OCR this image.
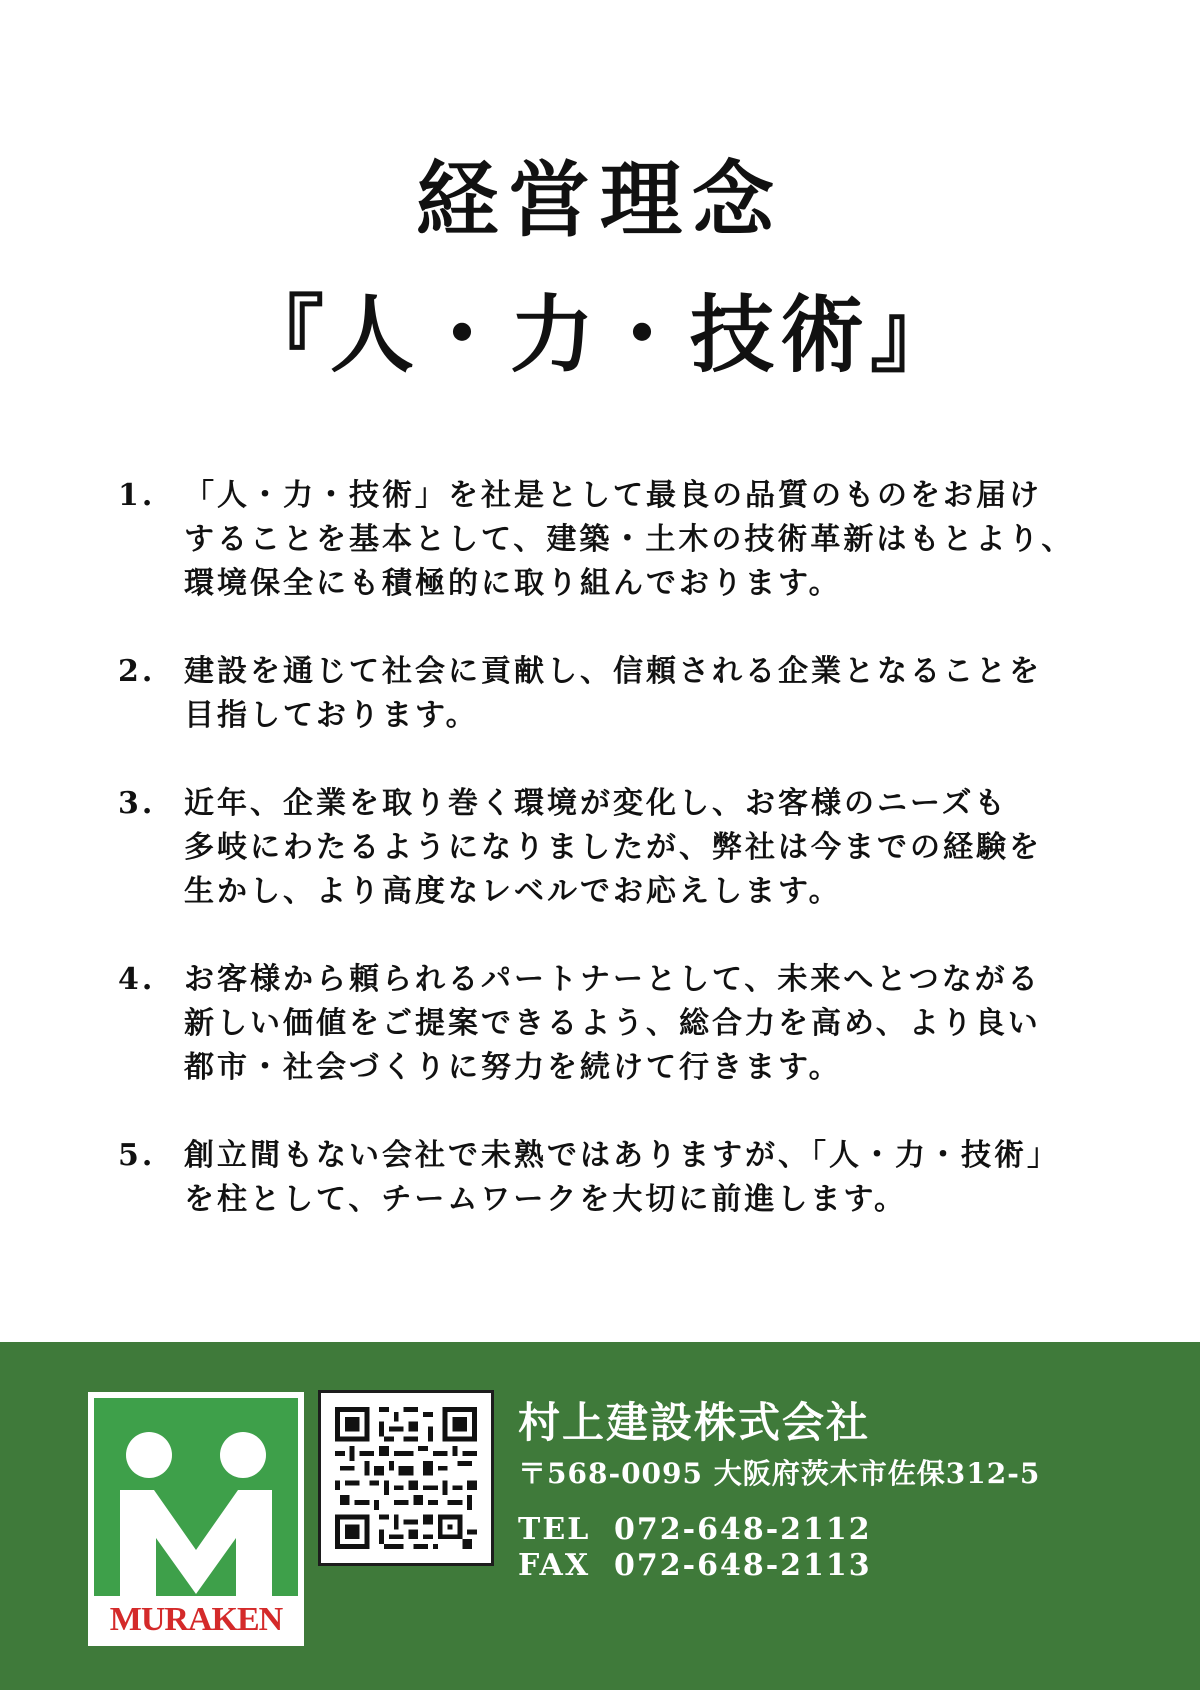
経営理念
『人・力・技術』
1. 「人・力・技術」を社是として最良の品質のものをお届け
することを基本として、建築・土木の技術革新はもとより、
環境保全にも積極的に取り組んでおります。
2. 建設を通じて社会に貢献し、信頼される企業となることを
目指しております。
3. 近年、企業を取り巻く環境が変化し、お客様のニーズも
多岐にわたるようになりましたが、弊社は今までの経験を
生かし、より高度なレベルでお応えします。
4. お客様から頼られるパートナーとして、未来へとつながる
新しい価値をご提案できるよう、総合力を高め、より良い
都市・社会づくりに努力を続けて行きます。
5. 創立間もない会社で未熟ではありますが、「人・力・技術」
を柱として、チームワークを大切に前進します。
MURAKEN
村上建設株式会社
〒568-0095 大阪府茨木市佐保312-5
TEL 072-648-2112
FAX 072-648-2113
